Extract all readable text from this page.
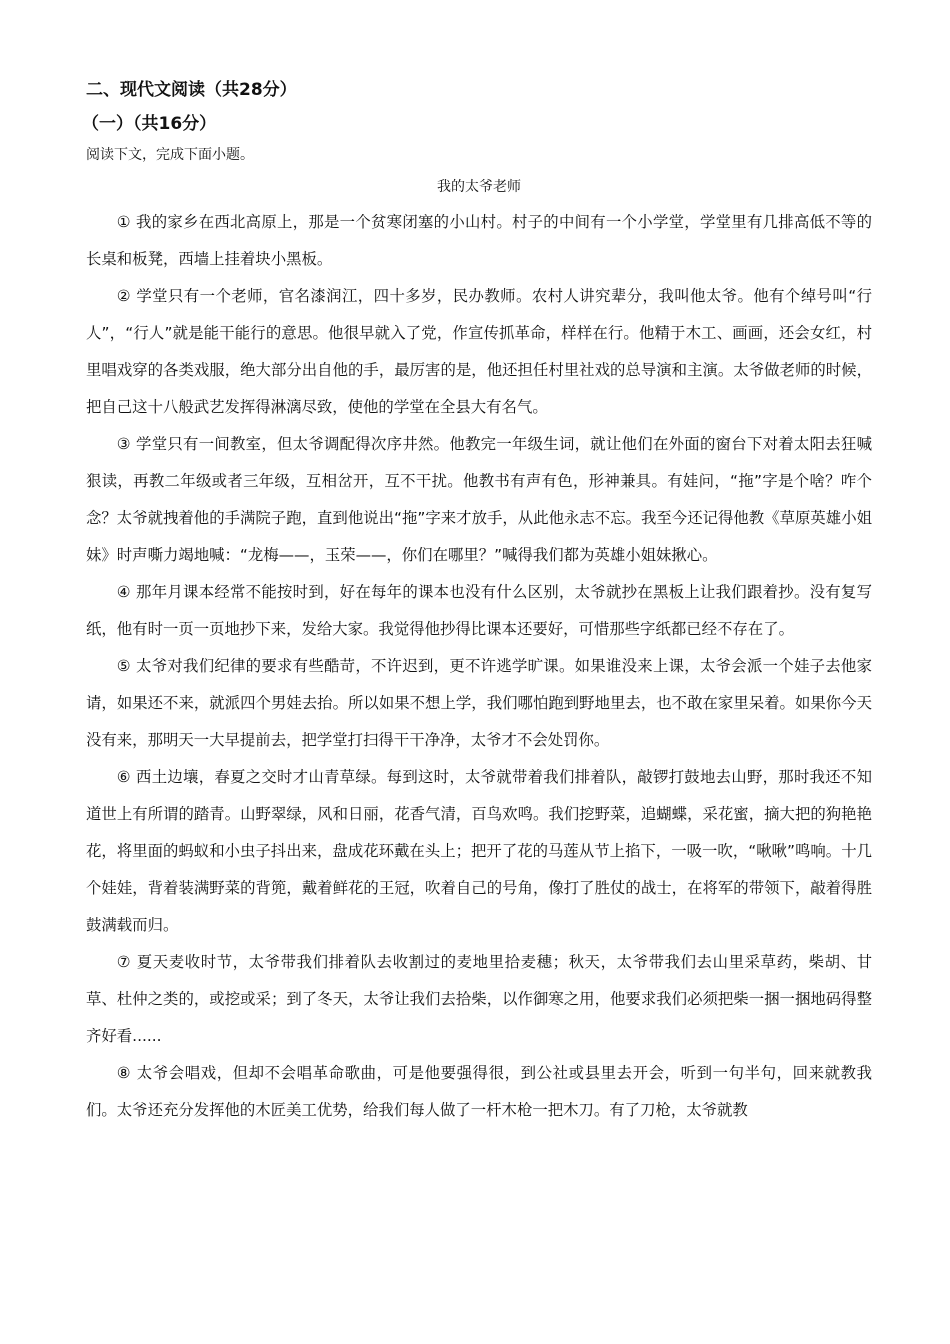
二、现代文阅读（共28分）
（一）（共16分）
阅读下文，完成下面小题。
我的太爷老师

① 我的家乡在西北高原上，那是一个贫寒闭塞的小山村。村子的中间有一个小学堂，学堂里有几排高低不等的长桌和板凳，西墙上挂着块小黑板。

② 学堂只有一个老师，官名漆润江，四十多岁，民办教师。农村人讲究辈分，我叫他太爷。他有个绰号叫“行人”，“行人”就是能干能行的意思。他很早就入了党，作宣传抓革命，样样在行。他精于木工、画画，还会女红，村里唱戏穿的各类戏服，绝大部分出自他的手，最厉害的是，他还担任村里社戏的总导演和主演。太爷做老师的时候，把自己这十八般武艺发挥得淋漓尽致，使他的学堂在全县大有名气。

③ 学堂只有一间教室，但太爷调配得次序井然。他教完一年级生词，就让他们在外面的窗台下对着太阳去狂喊狠读，再教二年级或者三年级，互相岔开，互不干扰。他教书有声有色，形神兼具。有娃问，“拖”字是个啥？咋个念？太爷就拽着他的手满院子跑，直到他说出“拖”字来才放手，从此他永志不忘。我至今还记得他教《草原英雄小姐妹》时声嘶力竭地喊：“龙梅——，玉荣——，你们在哪里？”喊得我们都为英雄小姐妹揪心。

④ 那年月课本经常不能按时到，好在每年的课本也没有什么区别，太爷就抄在黑板上让我们跟着抄。没有复写纸，他有时一页一页地抄下来，发给大家。我觉得他抄得比课本还要好，可惜那些字纸都已经不存在了。

⑤ 太爷对我们纪律的要求有些酷苛，不许迟到，更不许逃学旷课。如果谁没来上课，太爷会派一个娃子去他家请，如果还不来，就派四个男娃去抬。所以如果不想上学，我们哪怕跑到野地里去，也不敢在家里呆着。如果你今天没有来，那明天一大早提前去，把学堂打扫得干干净净，太爷才不会处罚你。

⑥ 西土边壤，春夏之交时才山青草绿。每到这时，太爷就带着我们排着队，敲锣打鼓地去山野，那时我还不知道世上有所谓的踏青。山野翠绿，风和日丽，花香气清，百鸟欢鸣。我们挖野菜，追蝴蝶，采花蜜，摘大把的狗艳艳花，将里面的蚂蚁和小虫子抖出来，盘成花环戴在头上；把开了花的马莲从节上掐下，一吸一吹，“啾啾”鸣响。十几个娃娃，背着装满野菜的背篼，戴着鲜花的王冠，吹着自己的号角，像打了胜仗的战士，在将军的带领下，敲着得胜鼓满载而归。

⑦ 夏天麦收时节，太爷带我们排着队去收割过的麦地里拾麦穗；秋天，太爷带我们去山里采草药，柴胡、甘草、杜仲之类的，或挖或采；到了冬天，太爷让我们去拾柴，以作御寒之用，他要求我们必须把柴一捆一捆地码得整齐好看......

⑧ 太爷会唱戏，但却不会唱革命歌曲，可是他要强得很，到公社或县里去开会，听到一句半句，回来就教我们。太爷还充分发挥他的木匠美工优势，给我们每人做了一杆木枪一把木刀。有了刀枪，太爷就教
